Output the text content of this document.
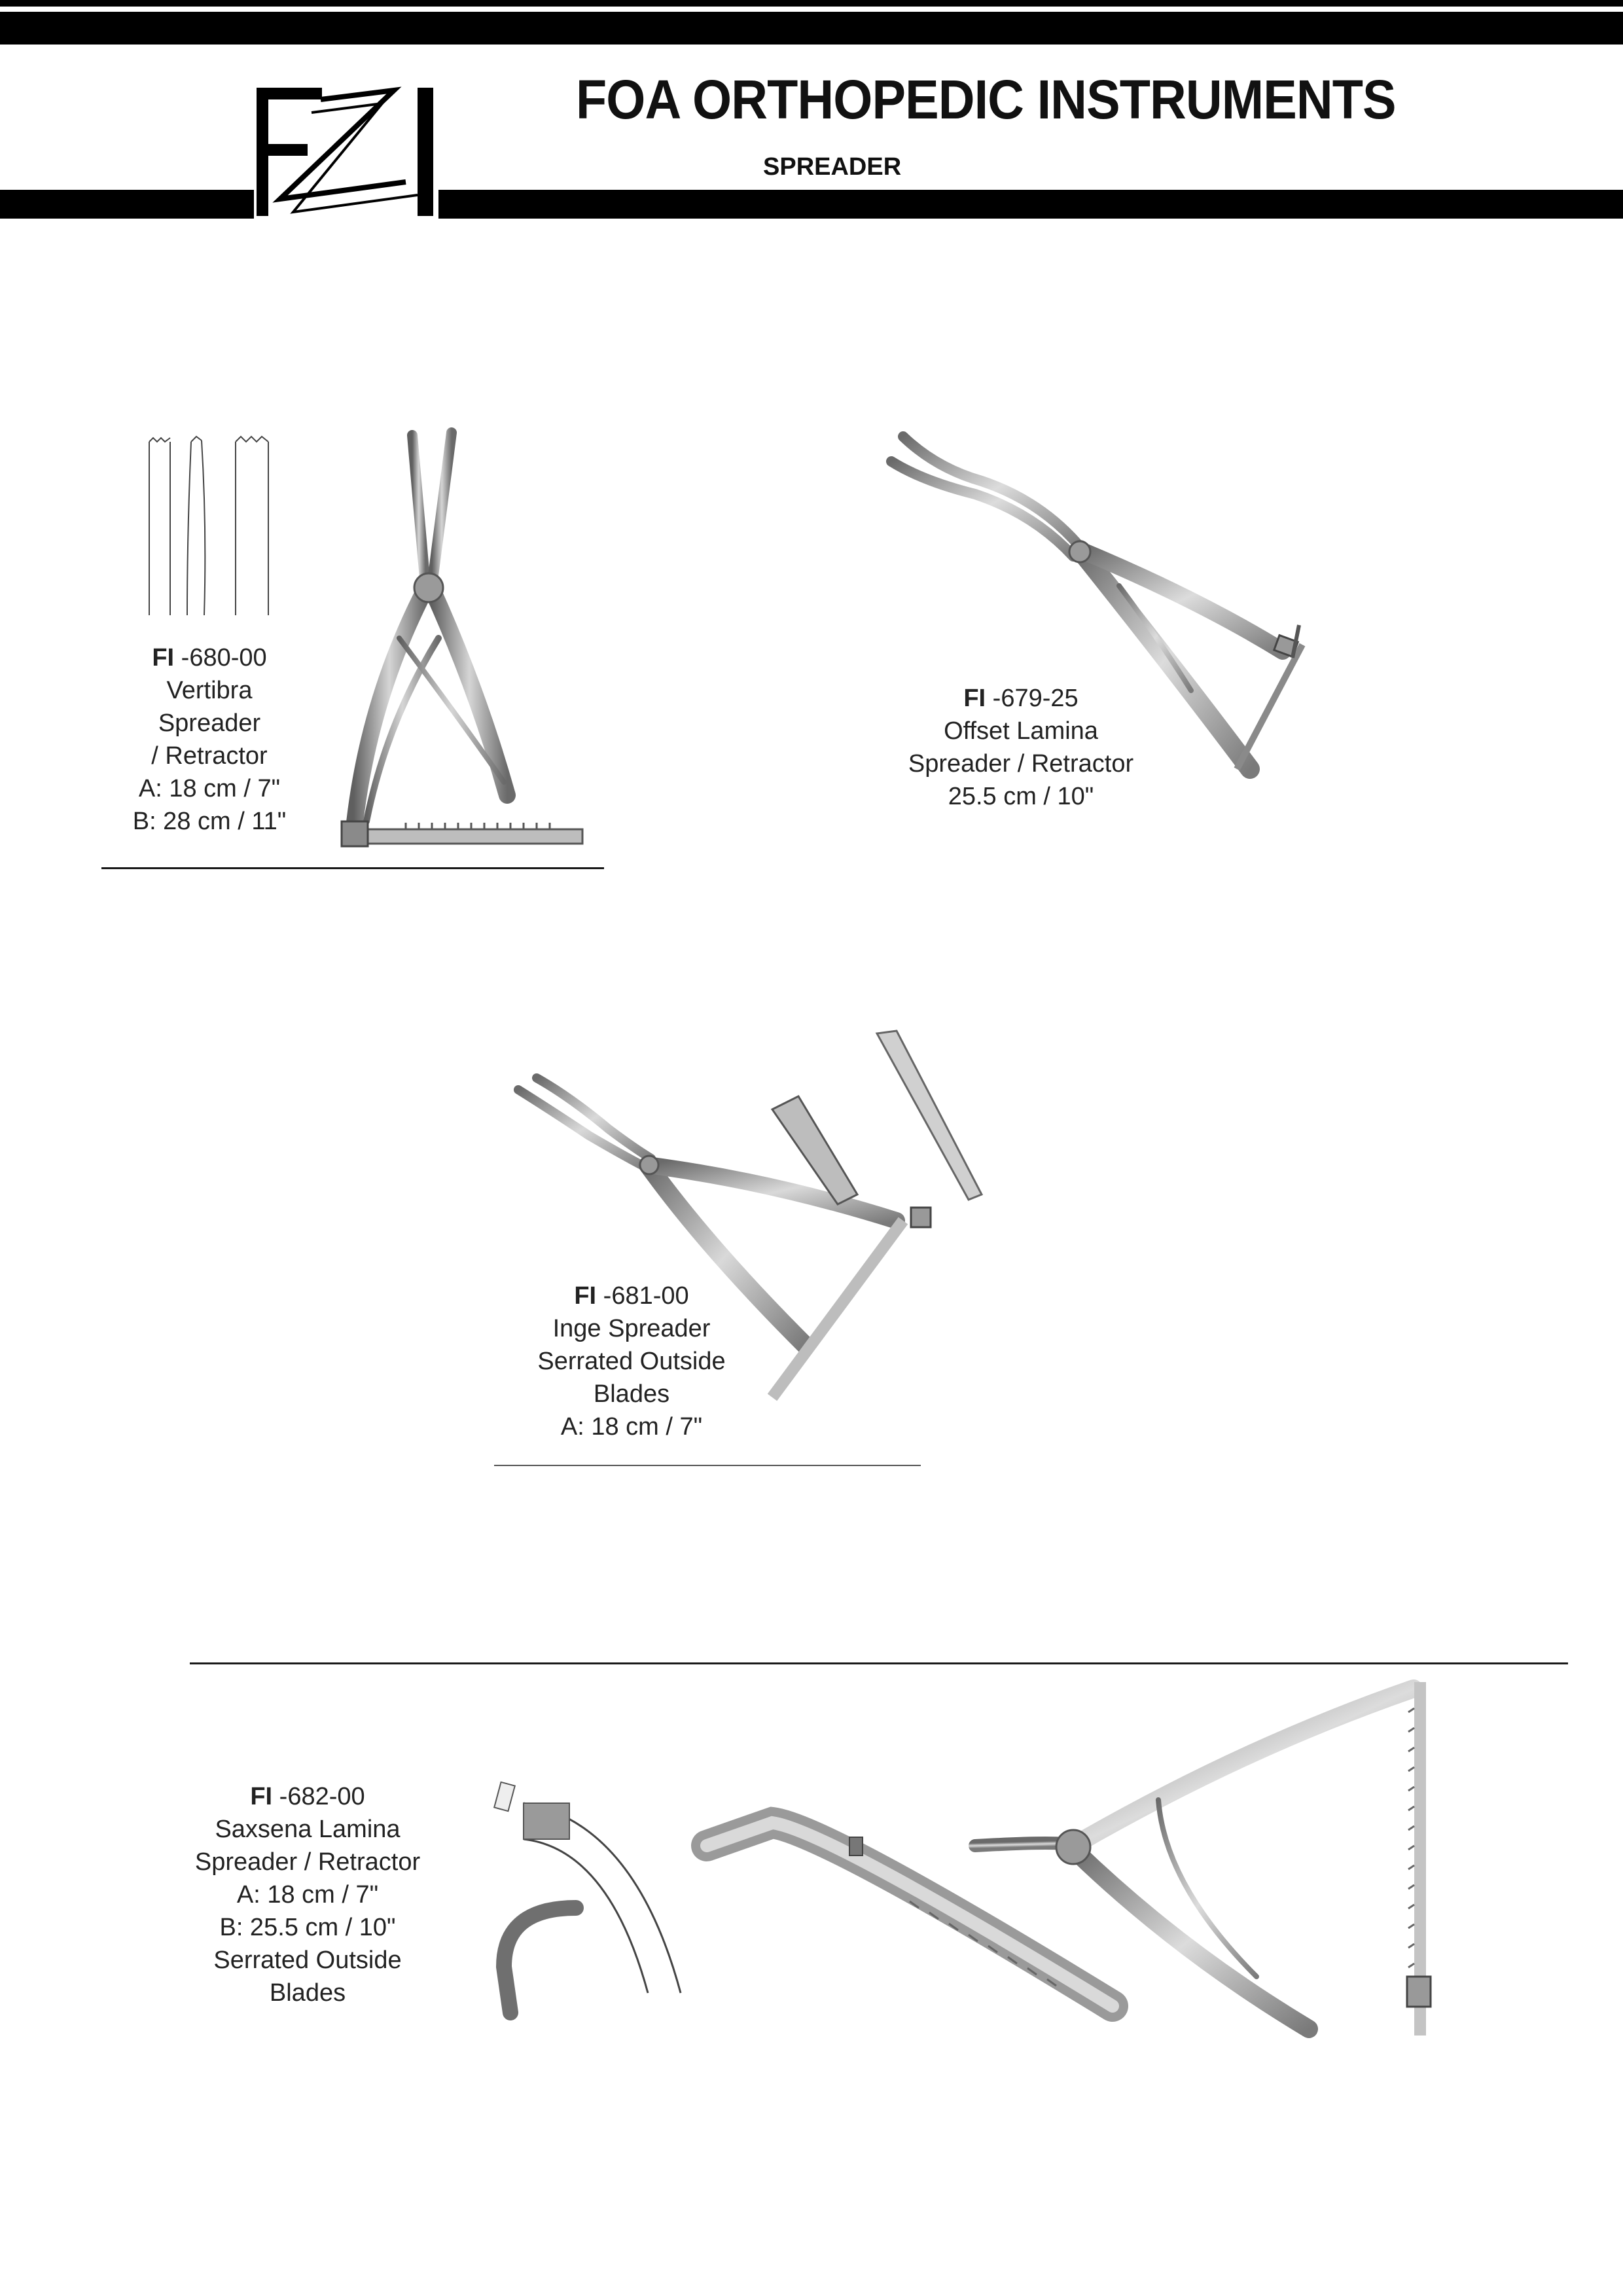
FOA ORTHOPEDIC INSTRUMENTS
SPREADER
FI -680-00
Vertibra
Spreader
/ Retractor
A: 18 cm / 7"
B: 28 cm / 11"
FI -679-25
Offset Lamina
Spreader / Retractor
25.5 cm / 10"
FI -681-00
Inge Spreader
Serrated Outside
Blades
A: 18 cm / 7"
FI -682-00
Saxsena Lamina
Spreader / Retractor
A: 18 cm / 7"
B: 25.5 cm / 10"
Serrated Outside
Blades
